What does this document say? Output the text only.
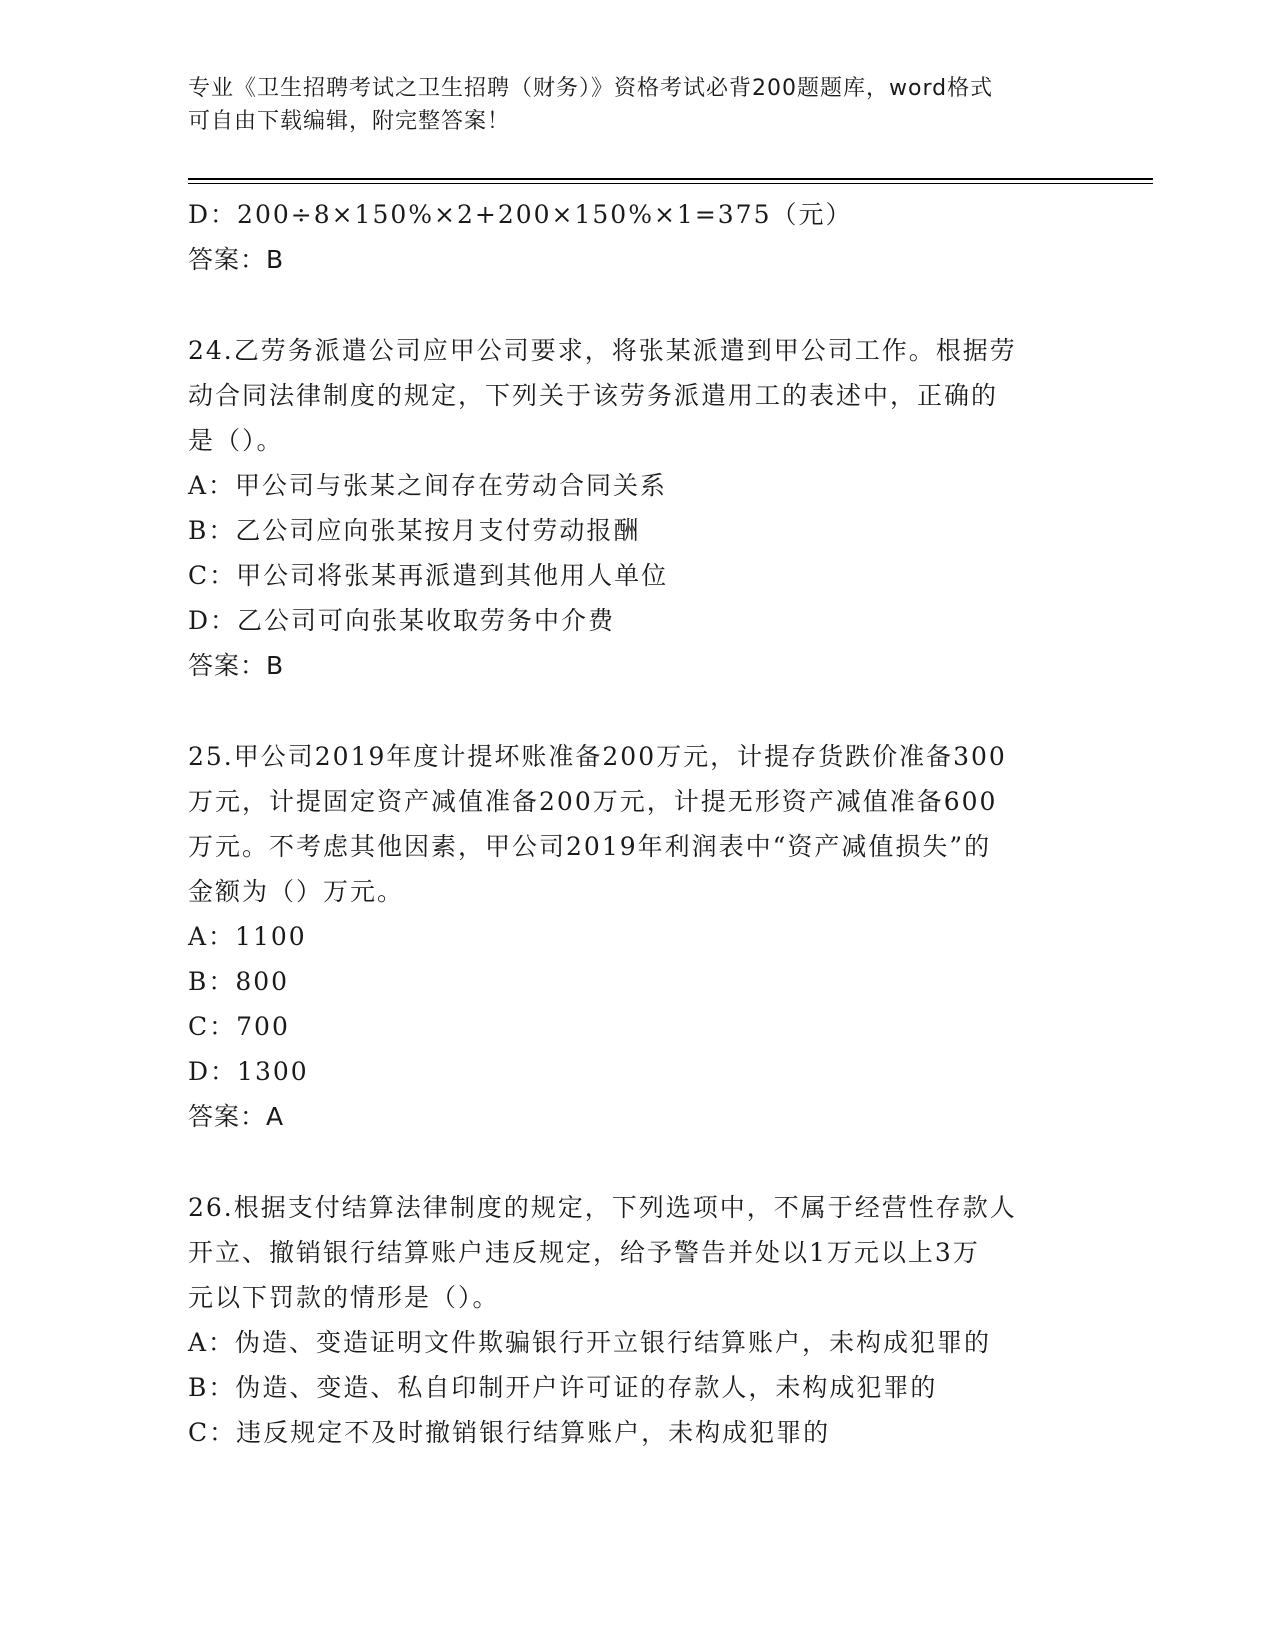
专业《卫生招聘考试之卫生招聘（财务）》资格考试必背200题题库，word格式
可自由下载编辑，附完整答案！
D：200÷8×150%×2+200×150%×1=375（元）
答案：B
24.乙劳务派遣公司应甲公司要求，将张某派遣到甲公司工作。根据劳
动合同法律制度的规定，下列关于该劳务派遣用工的表述中，正确的
是（）。
A：甲公司与张某之间存在劳动合同关系
B：乙公司应向张某按月支付劳动报酬
C：甲公司将张某再派遣到其他用人单位
D：乙公司可向张某收取劳务中介费
答案：B
25.甲公司2019年度计提坏账准备200万元，计提存货跌价准备300
万元，计提固定资产减值准备200万元，计提无形资产减值准备600
万元。不考虑其他因素，甲公司2019年利润表中“资产减值损失”的
金额为（）万元。
A：1100
B：800
C：700
D：1300
答案：A
26.根据支付结算法律制度的规定，下列选项中，不属于经营性存款人
开立、撤销银行结算账户违反规定，给予警告并处以1万元以上3万
元以下罚款的情形是（）。
A：伪造、变造证明文件欺骗银行开立银行结算账户，未构成犯罪的
B：伪造、变造、私自印制开户许可证的存款人，未构成犯罪的
C：违反规定不及时撤销银行结算账户，未构成犯罪的
